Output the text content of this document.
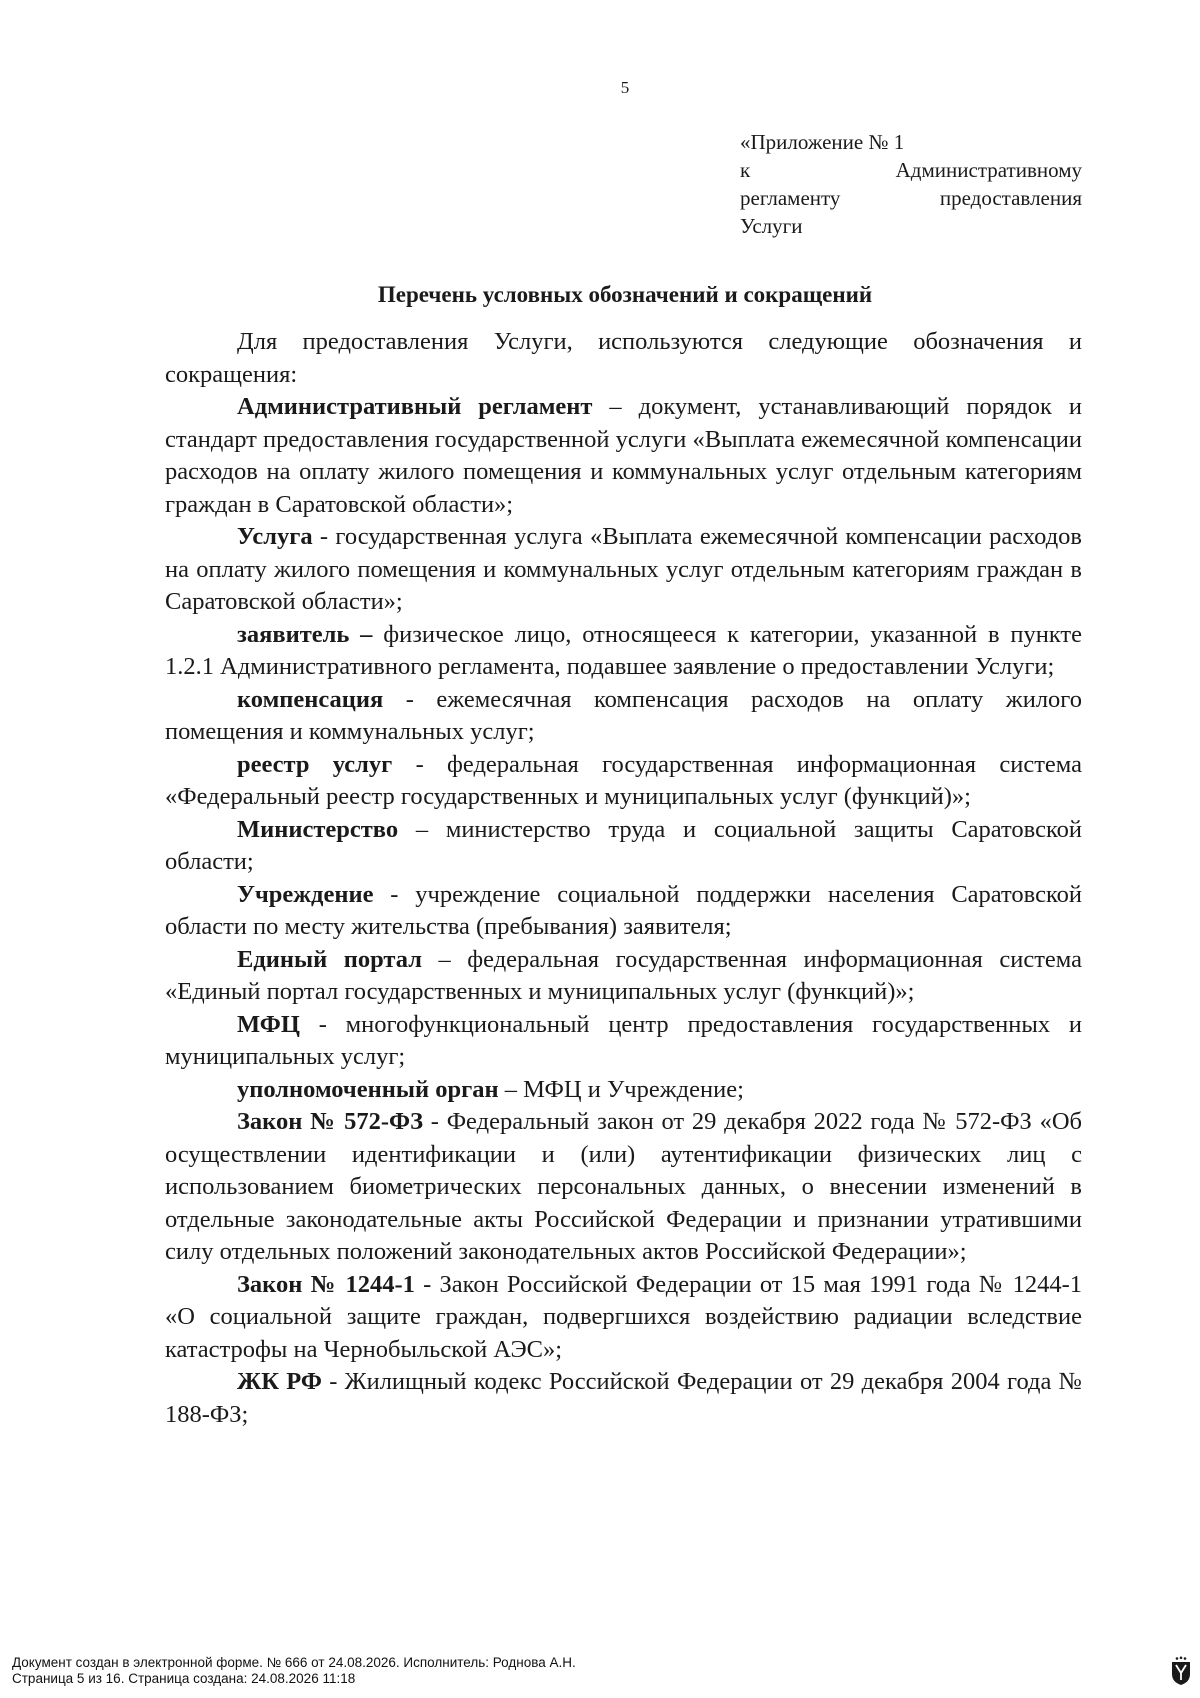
5
«Приложение № 1
к	Административному
регламенту	предоставления
Услуги
Перечень условных обозначений и сокращений

Для предоставления Услуги, используются следующие обозначения и сокращения:

Административный регламент – документ, устанавливающий порядок и стандарт предоставления государственной услуги «Выплата ежемесячной компенсации расходов на оплату жилого помещения и коммунальных услуг отдельным категориям граждан в Саратовской области»;

Услуга - государственная услуга «Выплата ежемесячной компенсации расходов на оплату жилого помещения и коммунальных услуг отдельным категориям граждан в Саратовской области»;

заявитель – физическое лицо, относящееся к категории, указанной в пункте 1.2.1 Административного регламента, подавшее заявление о предоставлении Услуги;

компенсация - ежемесячная компенсация расходов на оплату жилого помещения и коммунальных услуг;

реестр услуг - федеральная государственная информационная система «Федеральный реестр государственных и муниципальных услуг (функций)»;

Министерство – министерство труда и социальной защиты Саратовской области;

Учреждение - учреждение социальной поддержки населения Саратовской области по месту жительства (пребывания) заявителя;

Единый портал – федеральная государственная информационная система «Единый портал государственных и муниципальных услуг (функций)»;

МФЦ - многофункциональный центр предоставления государственных и муниципальных услуг;

уполномоченный орган – МФЦ и Учреждение;

Закон № 572-ФЗ - Федеральный закон от 29 декабря 2022 года № 572-ФЗ «Об осуществлении идентификации и (или) аутентификации физических лиц с использованием биометрических персональных данных, о внесении изменений в отдельные законодательные акты Российской Федерации и признании утратившими силу отдельных положений законодательных актов Российской Федерации»;

Закон № 1244-1 - Закон Российской Федерации от 15 мая 1991 года № 1244-1 «О социальной защите граждан, подвергшихся воздействию радиации вследствие катастрофы на Чернобыльской АЭС»;

ЖК РФ - Жилищный кодекс Российской Федерации от 29 декабря 2004 года № 188-ФЗ;

Документ создан в электронной форме. № 666 от 24.08.2026. Исполнитель: Роднова А.Н.
Страница 5 из 16. Страница создана: 24.08.2026 11:18
